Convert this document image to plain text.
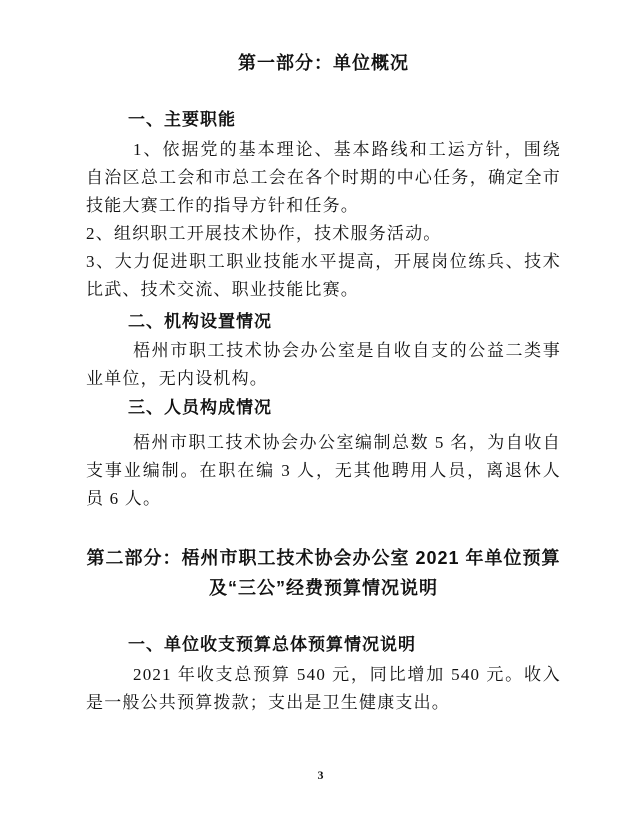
第一部分：单位概况
一、主要职能

1、依据党的基本理论、基本路线和工运方针，围绕自治区总工会和市总工会在各个时期的中心任务，确定全市技能大赛工作的指导方针和任务。

2、组织职工开展技术协作，技术服务活动。

3、大力促进职工职业技能水平提高，开展岗位练兵、技术比武、技术交流、职业技能比赛。

二、机构设置情况

梧州市职工技术协会办公室是自收自支的公益二类事业单位，无内设机构。

三、人员构成情况

梧州市职工技术协会办公室编制总数 5 名，为自收自支事业编制。在职在编 3 人，无其他聘用人员，离退休人员 6 人。

第二部分：梧州市职工技术协会办公室 2021 年单位预算及“三公”经费预算情况说明
一、单位收支预算总体预算情况说明

2021 年收支总预算 540 元，同比增加 540 元。收入是一般公共预算拨款；支出是卫生健康支出。

3
